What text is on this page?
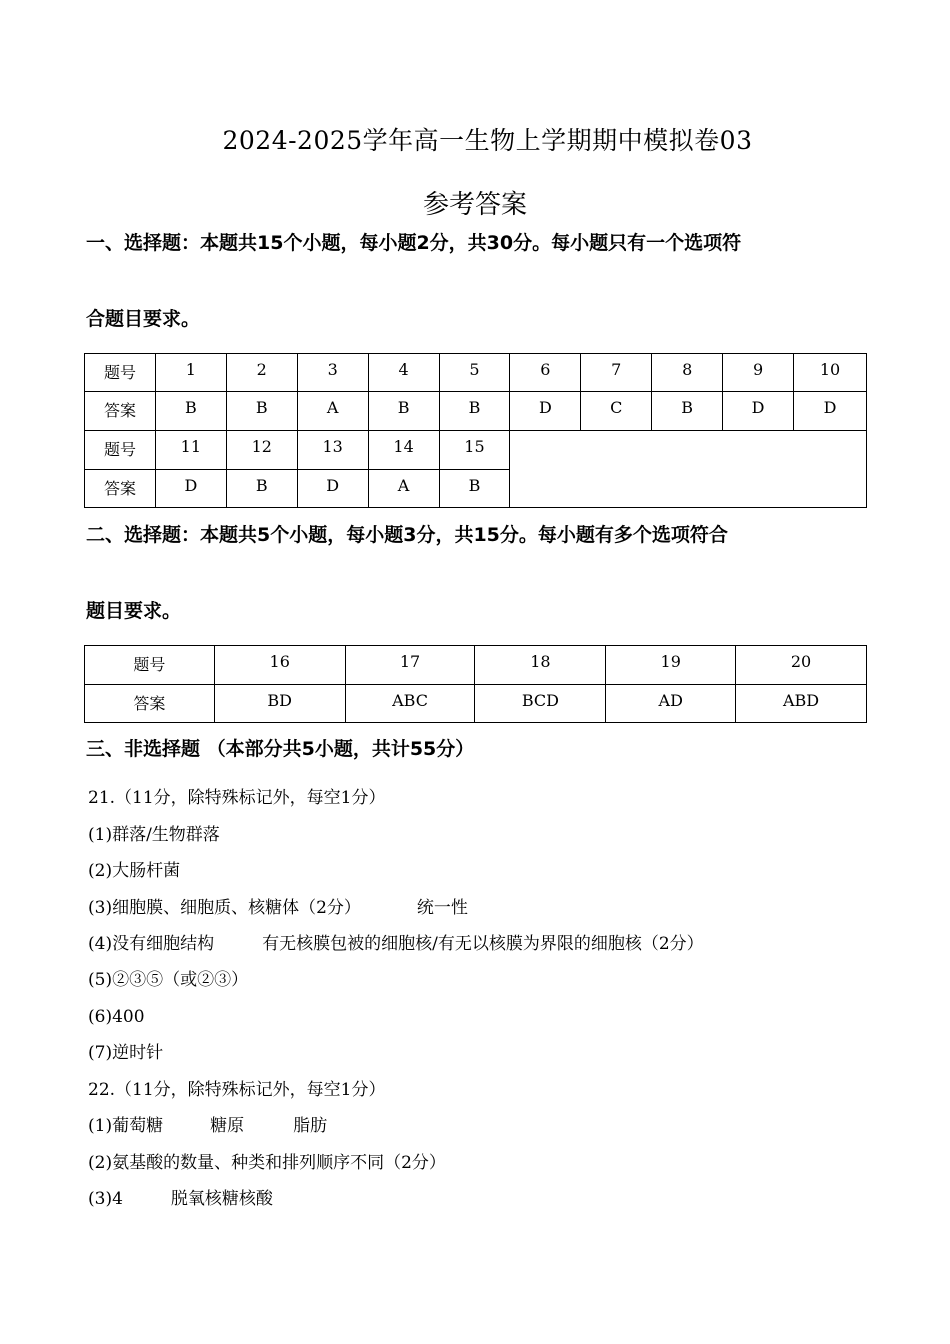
2024-2025学年高一生物上学期期中模拟卷03
参考答案
一、选择题：本题共15个小题，每小题2分，共30分。每小题只有一个选项符
合题目要求。
题号	1	2	3	4	5	6	7	8	9	10
答案	B	B	A	B	B	D	C	B	D	D
题号	11	12	13	14	15					
答案	D	B	D	A	B					
二、选择题：本题共5个小题，每小题3分，共15分。每小题有多个选项符合
题目要求。
题号	16	17	18	19	20
答案	BD	ABC	BCD	AD	ABD
三、非选择题 （本部分共5小题，共计55分）
21.（11分，除特殊标记外，每空1分）
(1)群落/生物群落
(2)大肠杆菌
(3)细胞膜、细胞质、核糖体（2分）	统一性
(4)没有细胞结构	有无核膜包被的细胞核/有无以核膜为界限的细胞核（2分）
(5)②③⑤（或②③）
(6)400
(7)逆时针
22.（11分，除特殊标记外，每空1分）
(1)葡萄糖	糖原	脂肪
(2)氨基酸的数量、种类和排列顺序不同（2分）
(3)4	脱氧核糖核酸
